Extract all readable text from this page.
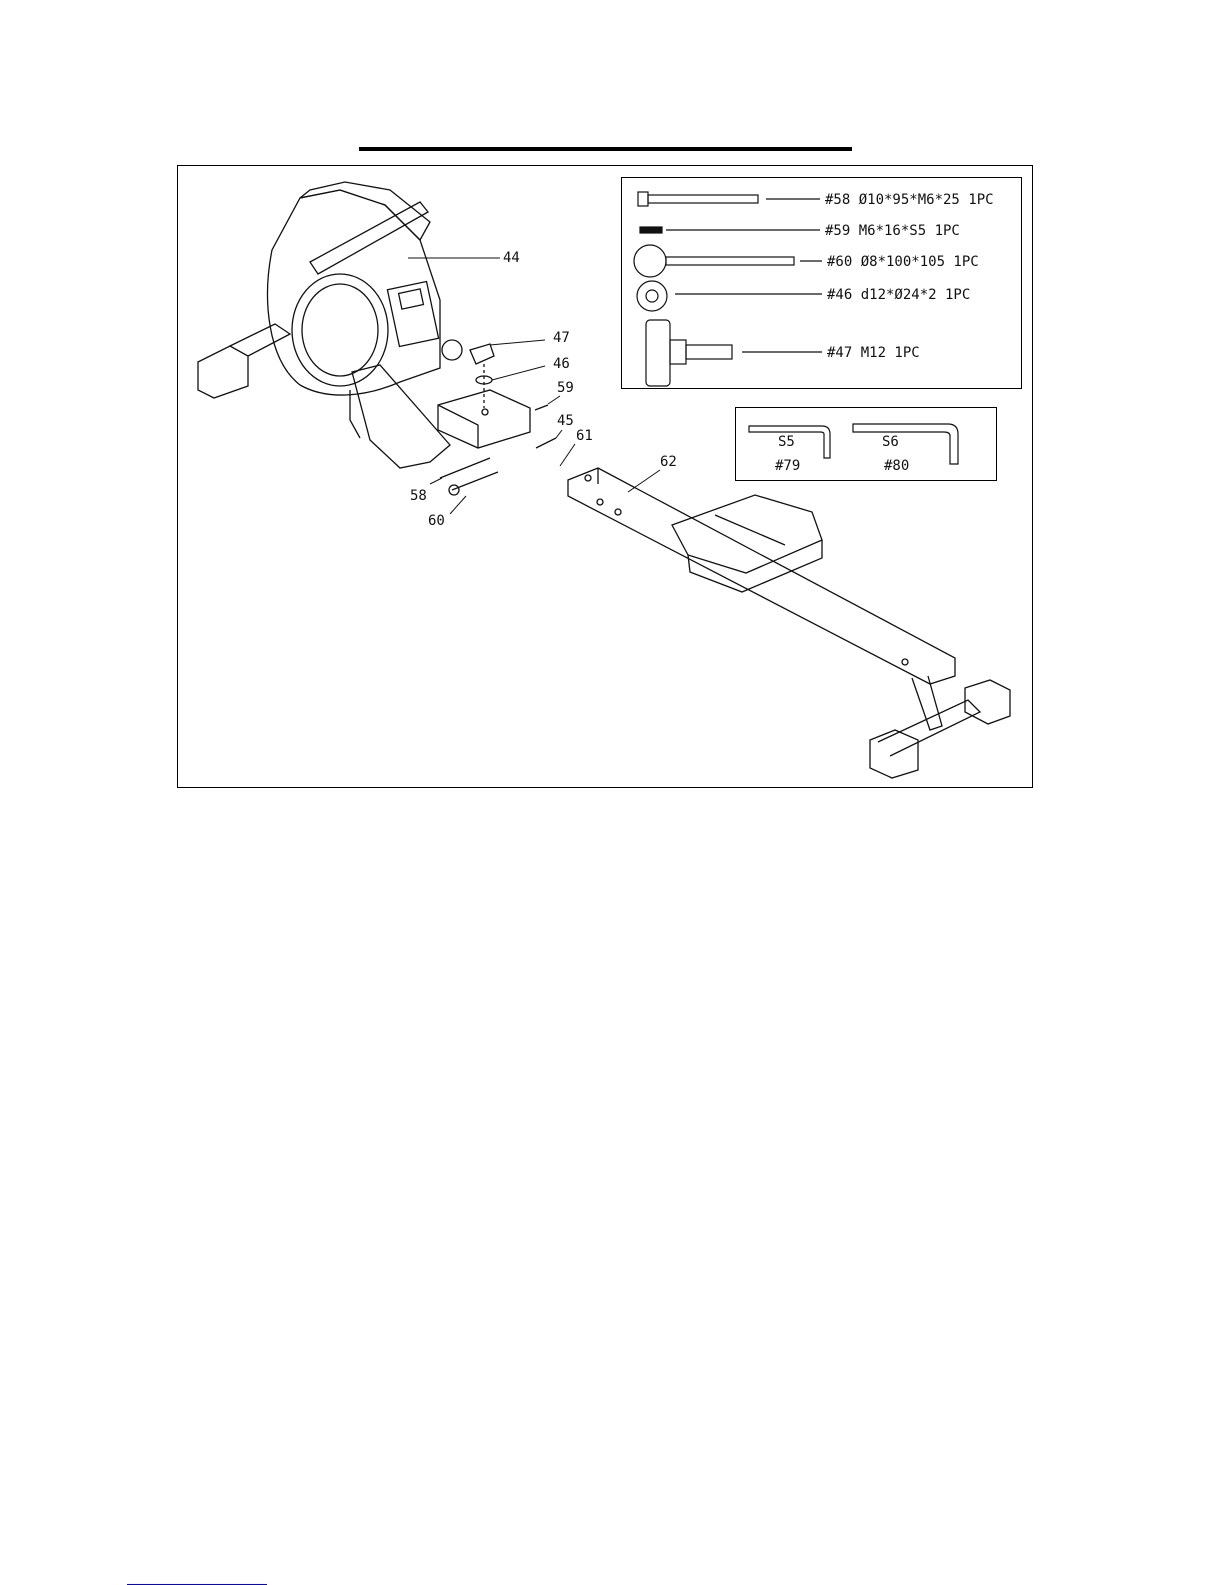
44
47
46
59
45
61
62
58
60
#58 Ø10*95*M6*25 1PC
#59 M6*16*S5 1PC
#60 Ø8*100*105 1PC
#46 d12*Ø24*2 1PC
#47 M12 1PC
S5	S6
#79	#80
